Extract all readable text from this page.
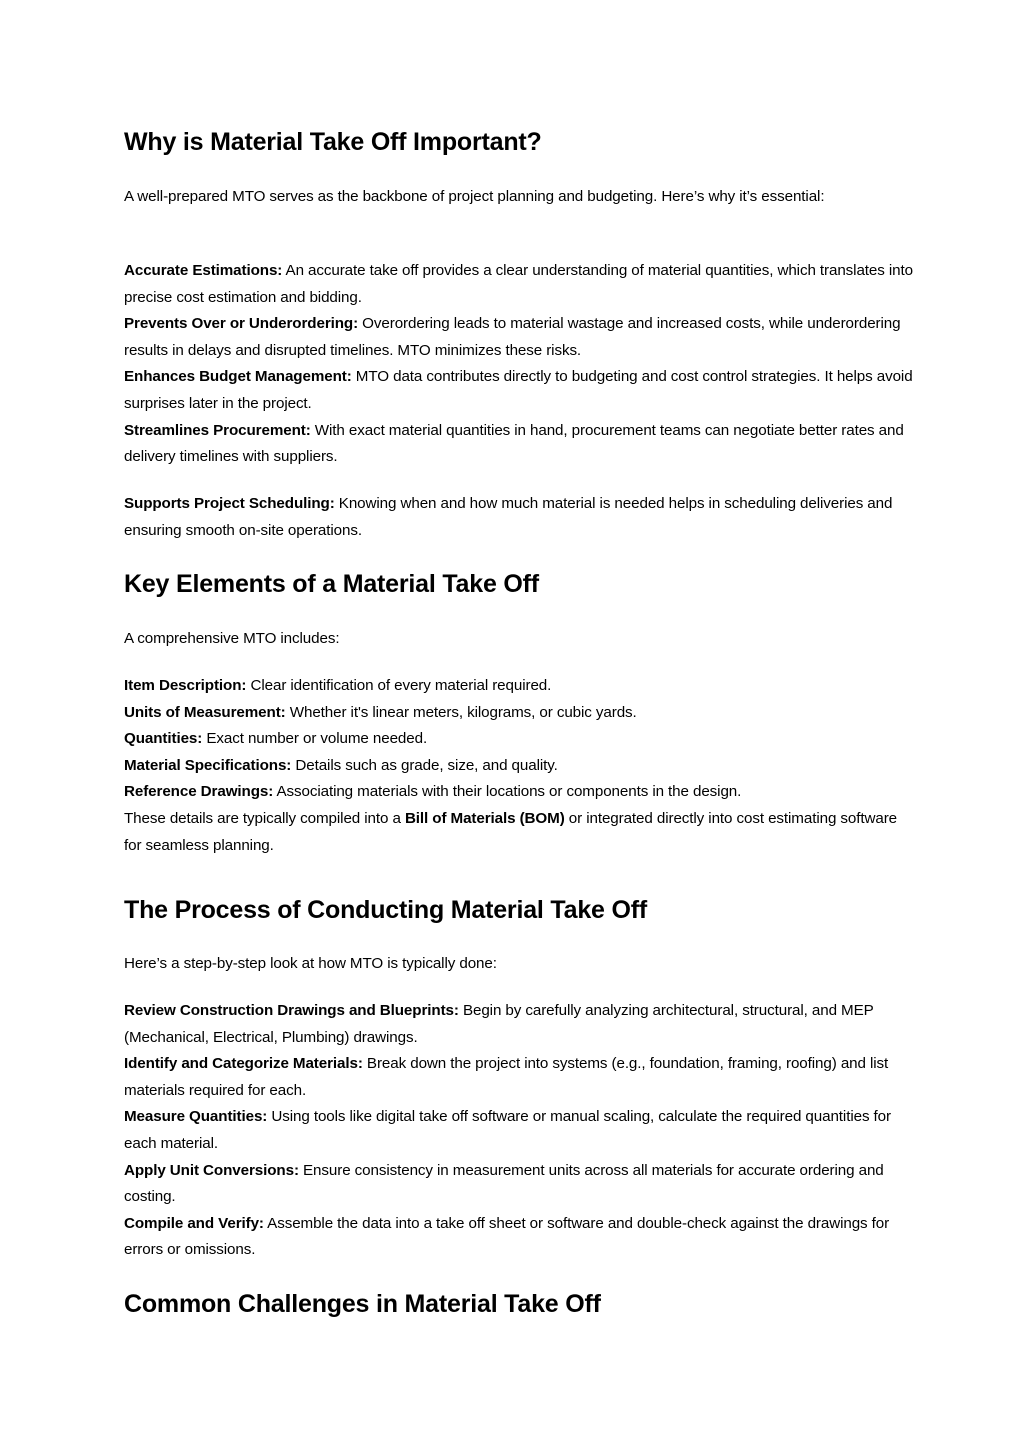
Why is Material Take Off Important?

A well-prepared MTO serves as the backbone of project planning and budgeting. Here’s why it’s essential:

Accurate Estimations: An accurate take off provides a clear understanding of material quantities, which translates into precise cost estimation and bidding.
Prevents Over or Underordering: Overordering leads to material wastage and increased costs, while underordering results in delays and disrupted timelines. MTO minimizes these risks.
Enhances Budget Management: MTO data contributes directly to budgeting and cost control strategies. It helps avoid surprises later in the project.
Streamlines Procurement: With exact material quantities in hand, procurement teams can negotiate better rates and delivery timelines with suppliers.

Supports Project Scheduling: Knowing when and how much material is needed helps in scheduling deliveries and ensuring smooth on-site operations.

Key Elements of a Material Take Off

A comprehensive MTO includes:

Item Description: Clear identification of every material required.
Units of Measurement: Whether it's linear meters, kilograms, or cubic yards.
Quantities: Exact number or volume needed.
Material Specifications: Details such as grade, size, and quality.
Reference Drawings: Associating materials with their locations or components in the design.
These details are typically compiled into a Bill of Materials (BOM) or integrated directly into cost estimating software for seamless planning.
The Process of Conducting Material Take Off

Here’s a step-by-step look at how MTO is typically done:

Review Construction Drawings and Blueprints: Begin by carefully analyzing architectural, structural, and MEP (Mechanical, Electrical, Plumbing) drawings.
Identify and Categorize Materials: Break down the project into systems (e.g., foundation, framing, roofing) and list materials required for each.
Measure Quantities: Using tools like digital take off software or manual scaling, calculate the required quantities for each material.
Apply Unit Conversions: Ensure consistency in measurement units across all materials for accurate ordering and costing.
Compile and Verify: Assemble the data into a take off sheet or software and double-check against the drawings for errors or omissions.
Common Challenges in Material Take Off
